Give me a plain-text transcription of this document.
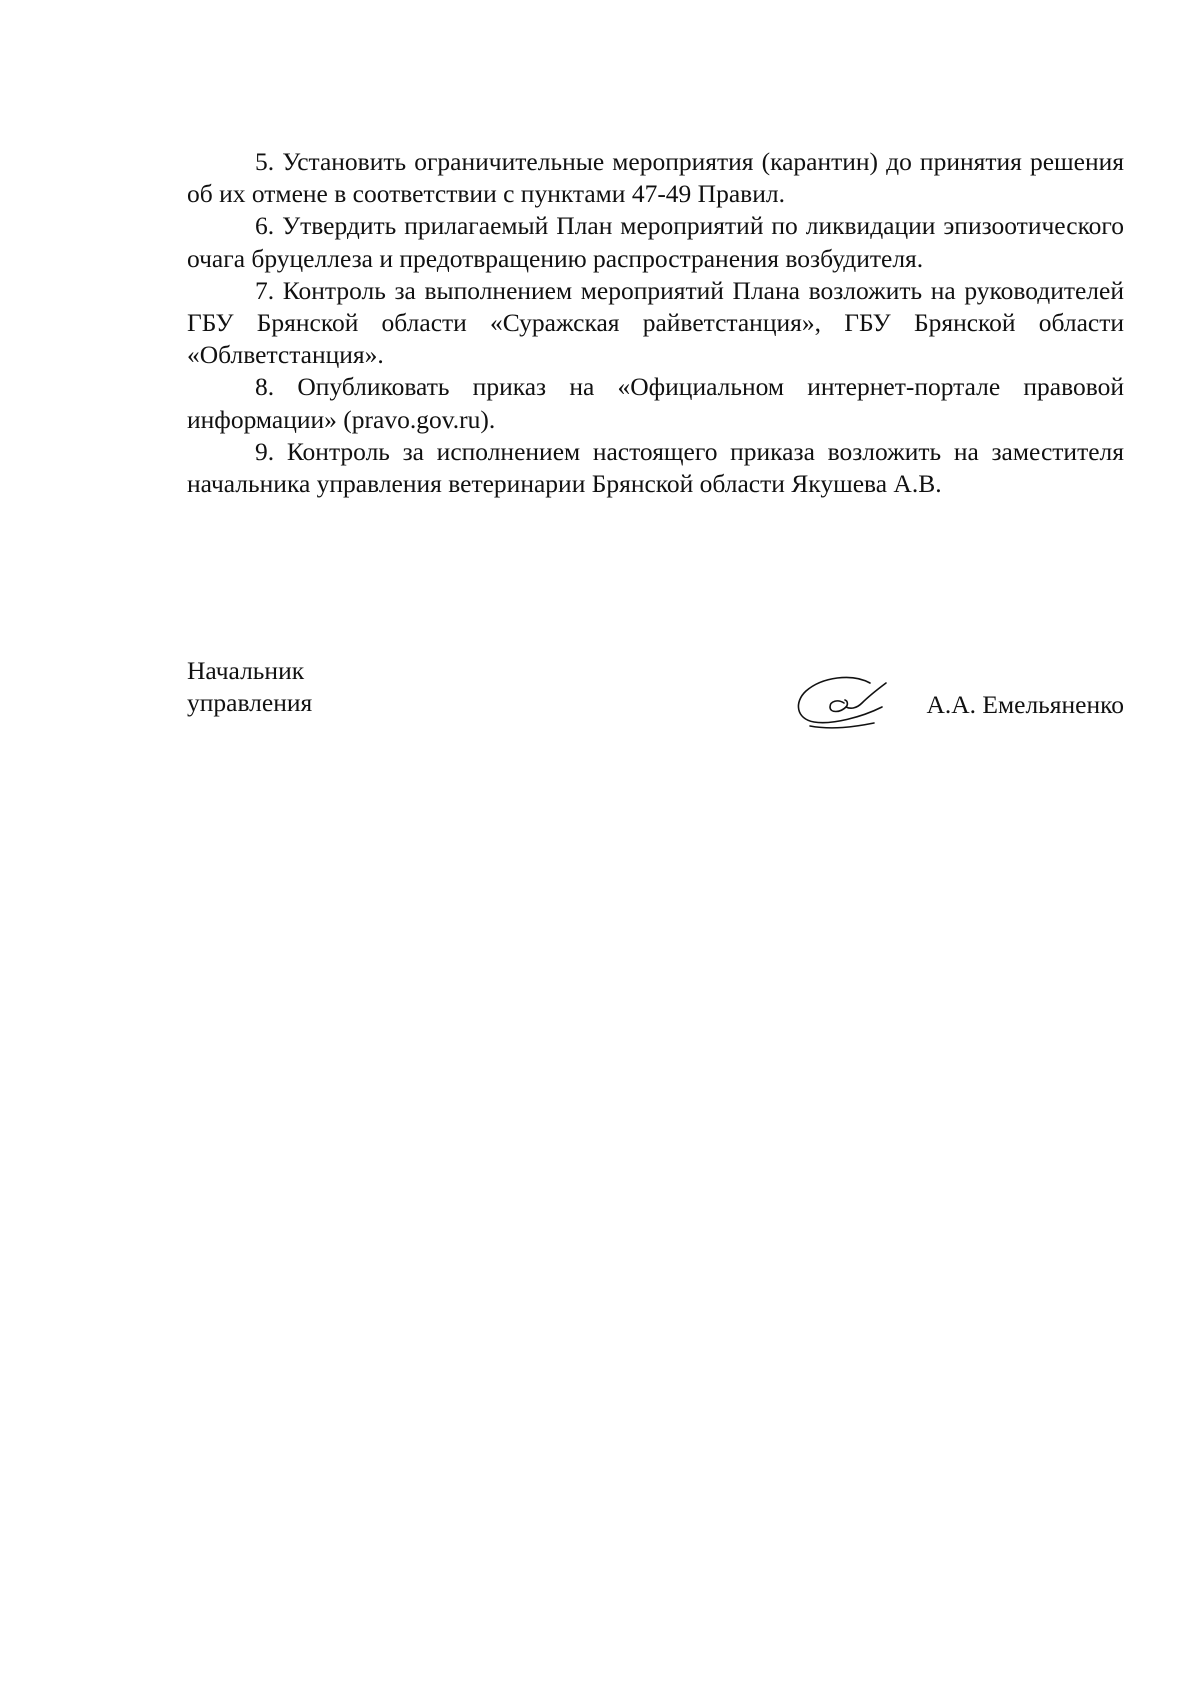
5. Установить ограничительные мероприятия (карантин) до принятия решения об их отмене в соответствии с пунктами 47-49 Правил.

6. Утвердить прилагаемый План мероприятий по ликвидации эпизоотического очага бруцеллеза и предотвращению распространения возбудителя.

7. Контроль за выполнением мероприятий Плана возложить на руководителей ГБУ Брянской области «Суражская райветстанция», ГБУ Брянской области «Облветстанция».

8. Опубликовать приказ на «Официальном интернет-портале правовой информации» (pravo.gov.ru).

9. Контроль за исполнением настоящего приказа возложить на заместителя начальника управления ветеринарии Брянской области Якушева А.В.

Начальник
управления	А.А. Емельяненко
